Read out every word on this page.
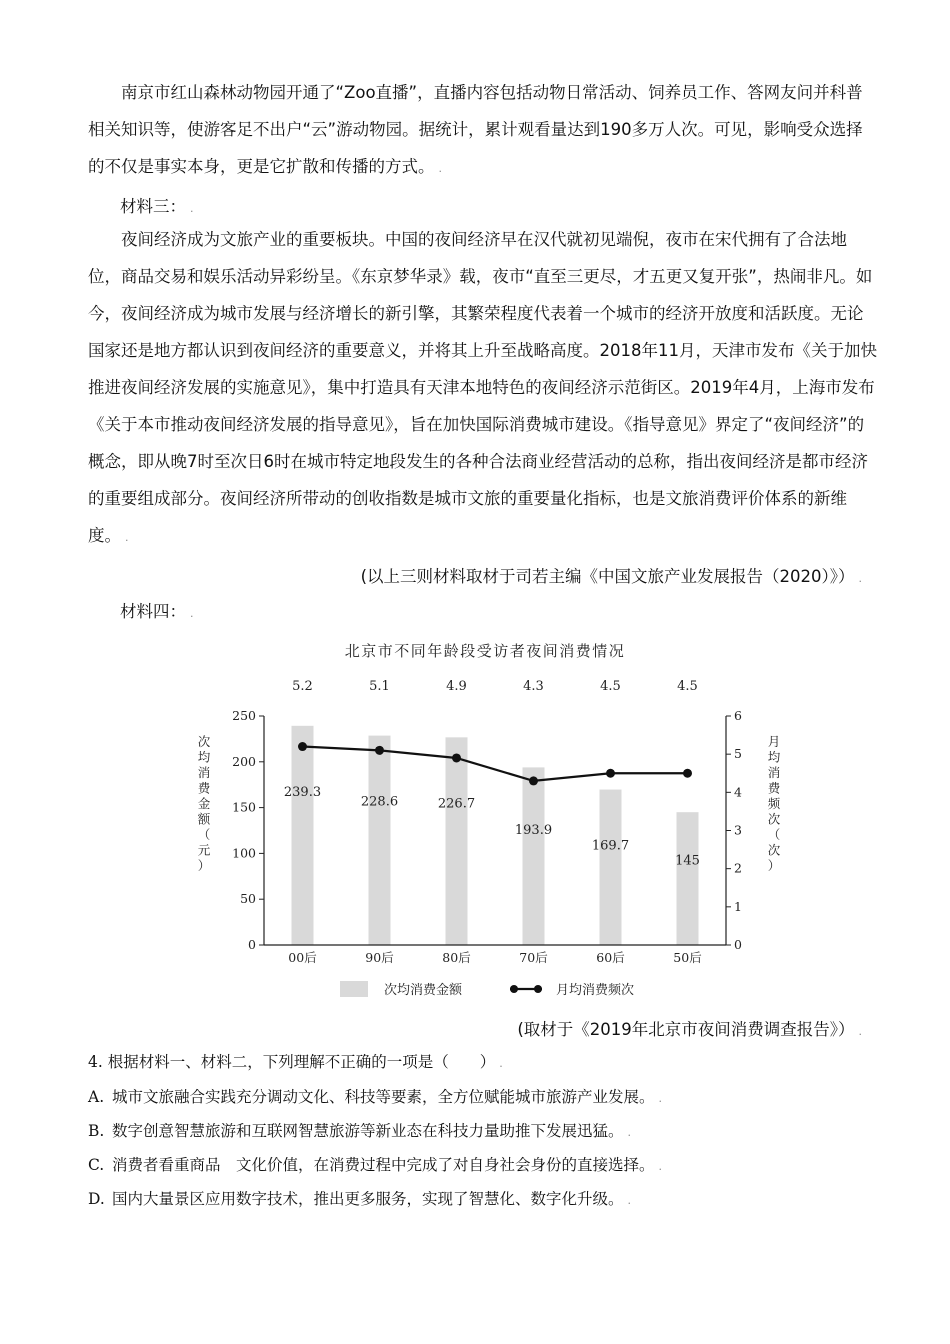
南京市红山森林动物园开通了“Zoo直播”，直播内容包括动物日常活动、饲养员工作、答网友问并科普相关知识等，使游客足不出户“云”游动物园。据统计，累计观看量达到190多万人次。可见，影响受众选择的不仅是事实本身，更是它扩散和传播的方式。 .

材料三： .

夜间经济成为文旅产业的重要板块。中国的夜间经济早在汉代就初见端倪，夜市在宋代拥有了合法地位，商品交易和娱乐活动异彩纷呈。《东京梦华录》载，夜市“直至三更尽，才五更又复开张”，热闹非凡。如今，夜间经济成为城市发展与经济增长的新引擎，其繁荣程度代表着一个城市的经济开放度和活跃度。无论国家还是地方都认识到夜间经济的重要意义，并将其上升至战略高度。2018年11月，天津市发布《关于加快推进夜间经济发展的实施意见》，集中打造具有天津本地特色的夜间经济示范街区。2019年4月，上海市发布《关于本市推动夜间经济发展的指导意见》，旨在加快国际消费城市建设。《指导意见》界定了“夜间经济”的概念，即从晚7时至次日6时在城市特定地段发生的各种合法商业经营活动的总称，指出夜间经济是都市经济的重要组成部分。夜间经济所带动的创收指数是城市文旅的重要量化指标，也是文旅消费评价体系的新维度。 .

(以上三则材料取材于司若主编《中国文旅产业发展报告（2020）》） .
材料四： .
北京市不同年龄段受访者夜间消费情况
239.3
228.6	226.7
193.9
169.7
145
5.2	5.1	4.9	4.3	4.5	4.5
0
50
100
150
200
250
0
1
2
3
4
5
6
00后	90后	80后	70后	60后	50后
次均消费金额（元）
月均消费频次（次）
次均消费金额	月均消费频次
(取材于《2019年北京市夜间消费调查报告》） .
4. 根据材料一、材料二，下列理解不正确的一项是（　　） .
A. 城市文旅融合实践充分调动文化、科技等要素，全方位赋能城市旅游产业发展。 .
B. 数字创意智慧旅游和互联网智慧旅游等新业态在科技力量助推下发展迅猛。 .
C. 消费者看重商品　文化价值，在消费过程中完成了对自身社会身份的直接选择。 .
D. 国内大量景区应用数字技术，推出更多服务，实现了智慧化、数字化升级。 .
